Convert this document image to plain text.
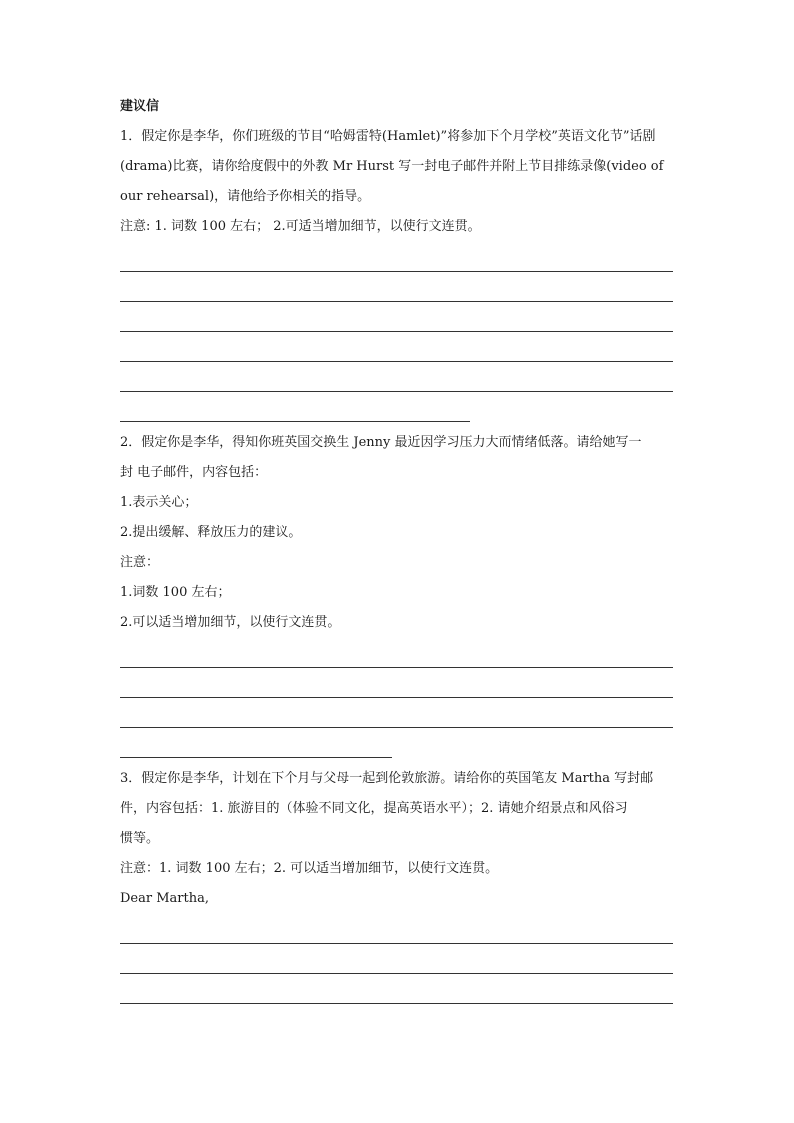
建议信

1．假定你是李华，你们班级的节目“哈姆雷特(Hamlet)”将参加下个月学校”英语文化节”话剧

(drama)比赛，请你给度假中的外教 Mr Hurst 写一封电子邮件并附上节目排练录像(video of

our rehearsal)，请他给予你相关的指导。

注意: 1. 词数 100 左右； 2.可适当增加细节，以使行文连贯。

2．假定你是李华，得知你班英国交换生 Jenny 最近因学习压力大而情绪低落。请给她写一

封 电子邮件，内容包括：

1.表示关心；

2.提出缓解、释放压力的建议。

注意：

1.词数 100 左右；

2.可以适当增加细节，以使行文连贯。

3．假定你是李华，计划在下个月与父母一起到伦敦旅游。请给你的英国笔友 Martha 写封邮

件，内容包括：1. 旅游目的（体验不同文化，提高英语水平）；2. 请她介绍景点和风俗习

惯等。

注意：1. 词数 100 左右；2. 可以适当增加细节，以使行文连贯。

Dear Martha,
